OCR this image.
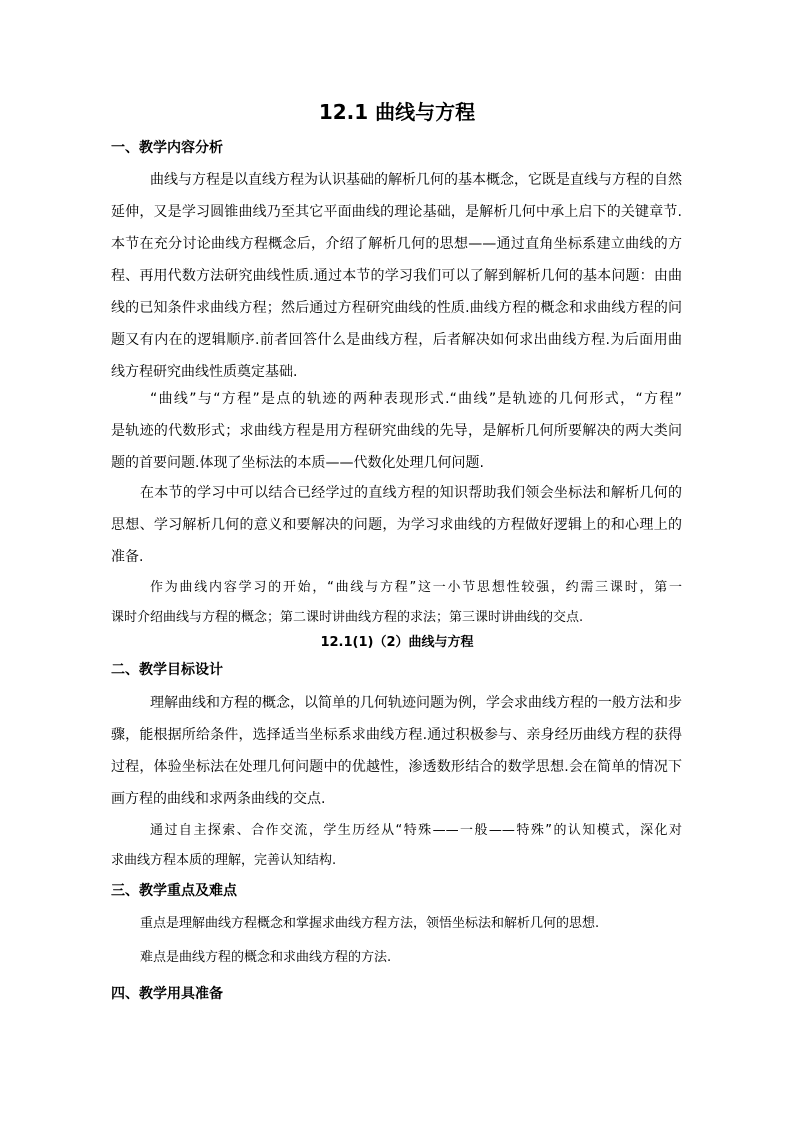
12.1 曲线与方程
一、教学内容分析
曲线与方程是以直线方程为认识基础的解析几何的基本概念，它既是直线与方程的自然
延伸，又是学习圆锥曲线乃至其它平面曲线的理论基础，是解析几何中承上启下的关键章节.
本节在充分讨论曲线方程概念后，介绍了解析几何的思想——通过直角坐标系建立曲线的方
程、再用代数方法研究曲线性质.通过本节的学习我们可以了解到解析几何的基本问题：由曲
线的已知条件求曲线方程；然后通过方程研究曲线的性质.曲线方程的概念和求曲线方程的问
题又有内在的逻辑顺序.前者回答什么是曲线方程，后者解决如何求出曲线方程.为后面用曲
线方程研究曲线性质奠定基础.
“曲线”与“方程”是点的轨迹的两种表现形式.“曲线”是轨迹的几何形式，“方程”
是轨迹的代数形式；求曲线方程是用方程研究曲线的先导，是解析几何所要解决的两大类问
题的首要问题.体现了坐标法的本质——代数化处理几何问题.
在本节的学习中可以结合已经学过的直线方程的知识帮助我们领会坐标法和解析几何的
思想、学习解析几何的意义和要解决的问题，为学习求曲线的方程做好逻辑上的和心理上的
准备.
作为曲线内容学习的开始，“曲线与方程”这一小节思想性较强，约需三课时，第一
课时介绍曲线与方程的概念；第二课时讲曲线方程的求法；第三课时讲曲线的交点.
12.1(1)（2）曲线与方程
二、教学目标设计
理解曲线和方程的概念，以简单的几何轨迹问题为例，学会求曲线方程的一般方法和步
骤，能根据所给条件，选择适当坐标系求曲线方程.通过积极参与、亲身经历曲线方程的获得
过程，体验坐标法在处理几何问题中的优越性，渗透数形结合的数学思想.会在简单的情况下
画方程的曲线和求两条曲线的交点.
通过自主探索、合作交流，学生历经从“特殊——一般——特殊”的认知模式，深化对
求曲线方程本质的理解，完善认知结构.
三、教学重点及难点
重点是理解曲线方程概念和掌握求曲线方程方法，领悟坐标法和解析几何的思想.
难点是曲线方程的概念和求曲线方程的方法.
四、教学用具准备
